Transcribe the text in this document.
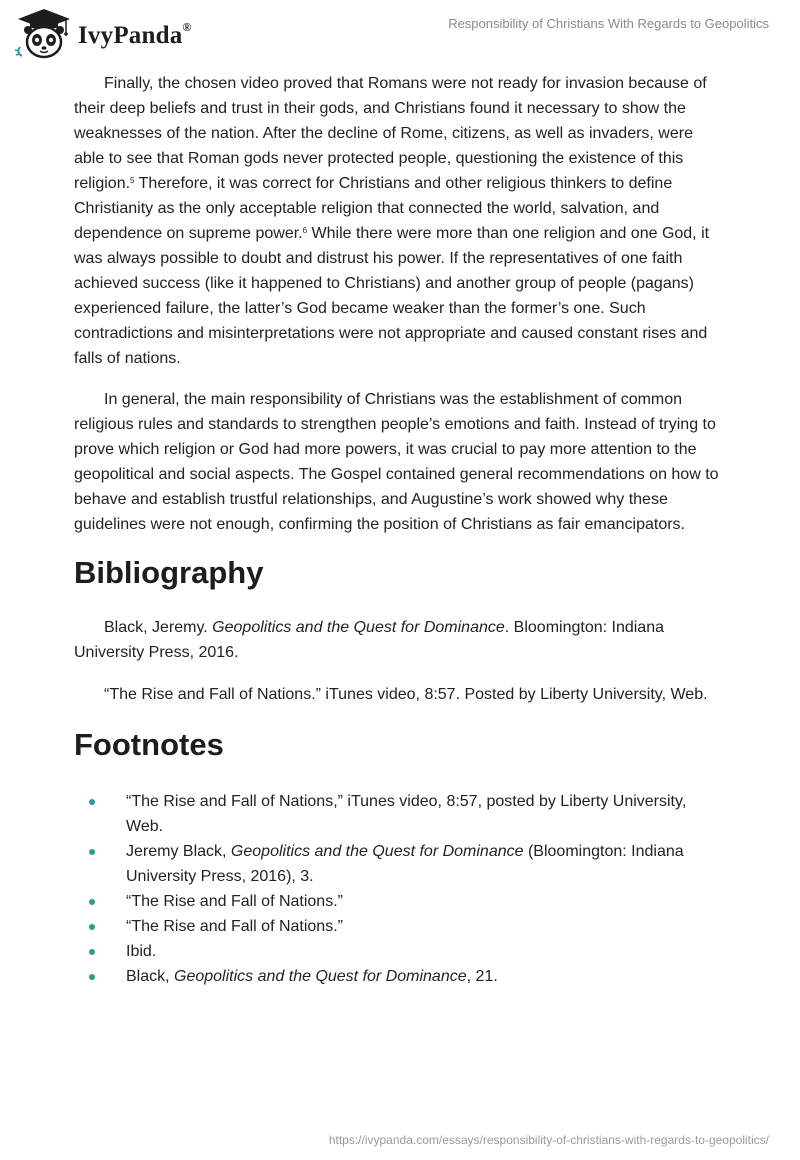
IvyPanda®	Responsibility of Christians With Regards to Geopolitics

Finally, the chosen video proved that Romans were not ready for invasion because of their deep beliefs and trust in their gods, and Christians found it necessary to show the weaknesses of the nation. After the decline of Rome, citizens, as well as invaders, were able to see that Roman gods never protected people, questioning the existence of this religion.$^5$ Therefore, it was correct for Christians and other religious thinkers to define Christianity as the only acceptable religion that connected the world, salvation, and dependence on supreme power.$^6$ While there were more than one religion and one God, it was always possible to doubt and distrust his power. If the representatives of one faith achieved success (like it happened to Christians) and another group of people (pagans) experienced failure, the latter’s God became weaker than the former’s one. Such contradictions and misinterpretations were not appropriate and caused constant rises and falls of nations.

In general, the main responsibility of Christians was the establishment of common religious rules and standards to strengthen people’s emotions and faith. Instead of trying to prove which religion or God had more powers, it was crucial to pay more attention to the geopolitical and social aspects. The Gospel contained general recommendations on how to behave and establish trustful relationships, and Augustine’s work showed why these guidelines were not enough, confirming the position of Christians as fair emancipators.

Bibliography

Black, Jeremy. Geopolitics and the Quest for Dominance. Bloomington: Indiana University Press, 2016.

“The Rise and Fall of Nations.” iTunes video, 8:57. Posted by Liberty University, Web.

Footnotes
“The Rise and Fall of Nations,” iTunes video, 8:57, posted by Liberty University, Web.
Jeremy Black, Geopolitics and the Quest for Dominance (Bloomington: Indiana University Press, 2016), 3.
“The Rise and Fall of Nations.”
“The Rise and Fall of Nations.”
Ibid.
Black, Geopolitics and the Quest for Dominance, 21.
https://ivypanda.com/essays/responsibility-of-christians-with-regards-to-geopolitics/
